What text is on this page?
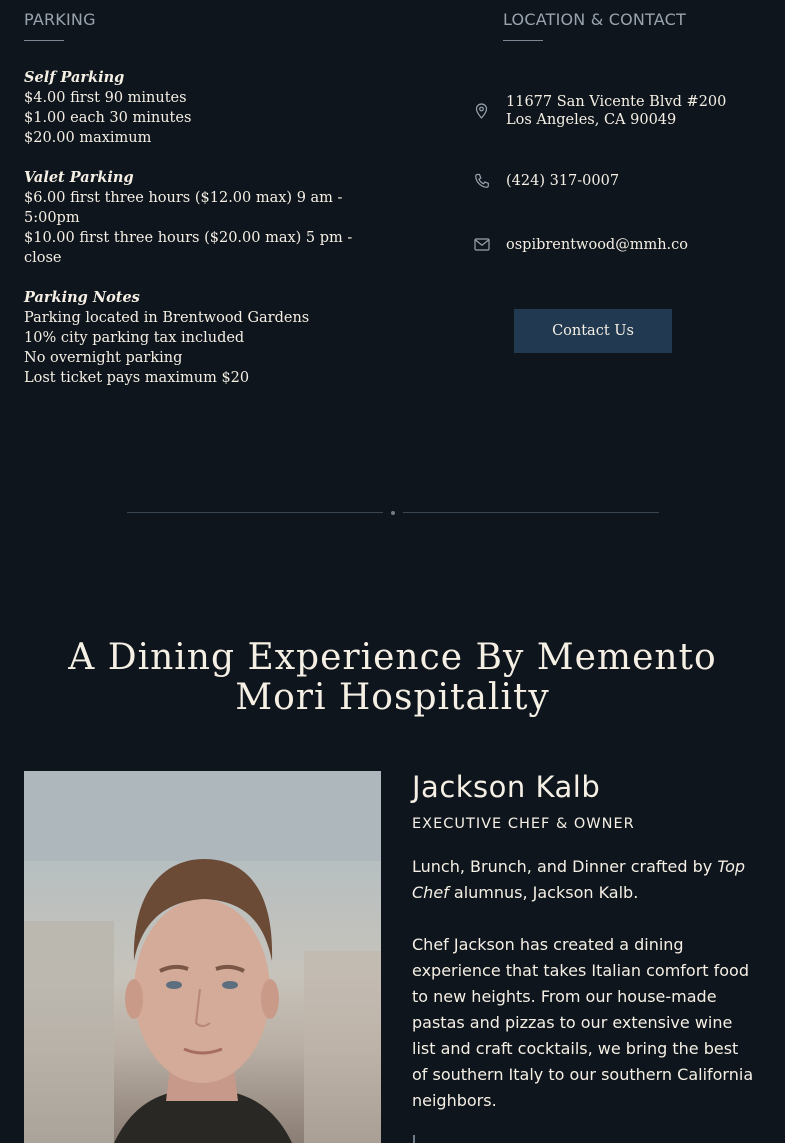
PARKING
Self Parking
$4.00 first 90 minutes
$1.00 each 30 minutes
$20.00 maximum
Valet Parking
$6.00 first three hours ($12.00 max) 9 am -
5:00pm
$10.00 first three hours ($20.00 max) 5 pm -
close
Parking Notes
Parking located in Brentwood Gardens
10% city parking tax included
No overnight parking
Lost ticket pays maximum $20
LOCATION & CONTACT
11677 San Vicente Blvd #200
Los Angeles, CA 90049
(424) 317-0007
ospibrentwood@mmh.co
Contact Us
A Dining Experience By Memento
Mori Hospitality
Jackson Kalb
EXECUTIVE CHEF & OWNER
Lunch, Brunch, and Dinner crafted by Top Chef alumnus, Jackson Kalb.
Chef Jackson has created a dining experience that takes Italian comfort food to new heights. From our house-made pastas and pizzas to our extensive wine list and craft cocktails, we bring the best of southern Italy to our southern California neighbors.
